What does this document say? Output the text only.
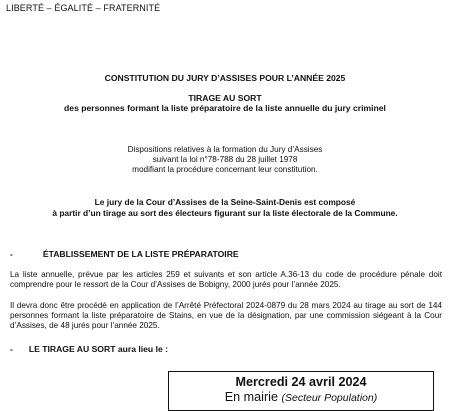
LIBERTÉ – ÉGALITÉ – FRATERNITÉ
CONSTITUTION DU JURY D’ASSISES POUR L’ANNÉE 2025
TIRAGE AU SORT
des personnes formant la liste préparatoire de la liste annuelle du jury criminel
Dispositions relatives à la formation du Jury d’Assises
suivant la loi n°78-788 du 28 juillet 1978
modifiant la procédure concernant leur constitution.
Le jury de la Cour d’Assises de la Seine-Saint-Denis est composé
à partir d’un tirage au sort des électeurs figurant sur la liste électorale de la Commune.
-	ÉTABLISSEMENT DE LA LISTE PRÉPARATOIRE
La liste annuelle, prévue par les articles 259 et suivants et son article A.36-13 du code de procédure pénale doit comprendre pour le ressort de la Cour d’Assises de Bobigny, 2000 jurés pour l’année 2025.
Il devra donc être procédé en application de l’Arrêté Préfectoral 2024-0879 du 28 mars 2024 au tirage au sort de 144 personnes formant la liste préparatoire de Stains, en vue de la désignation, par une commission siégeant à la Cour d’Assises, de 48 jurés pour l’année 2025.
- LE TIRAGE AU SORT aura lieu le :
Mercredi 24 avril 2024
En mairie (Secteur Population)
